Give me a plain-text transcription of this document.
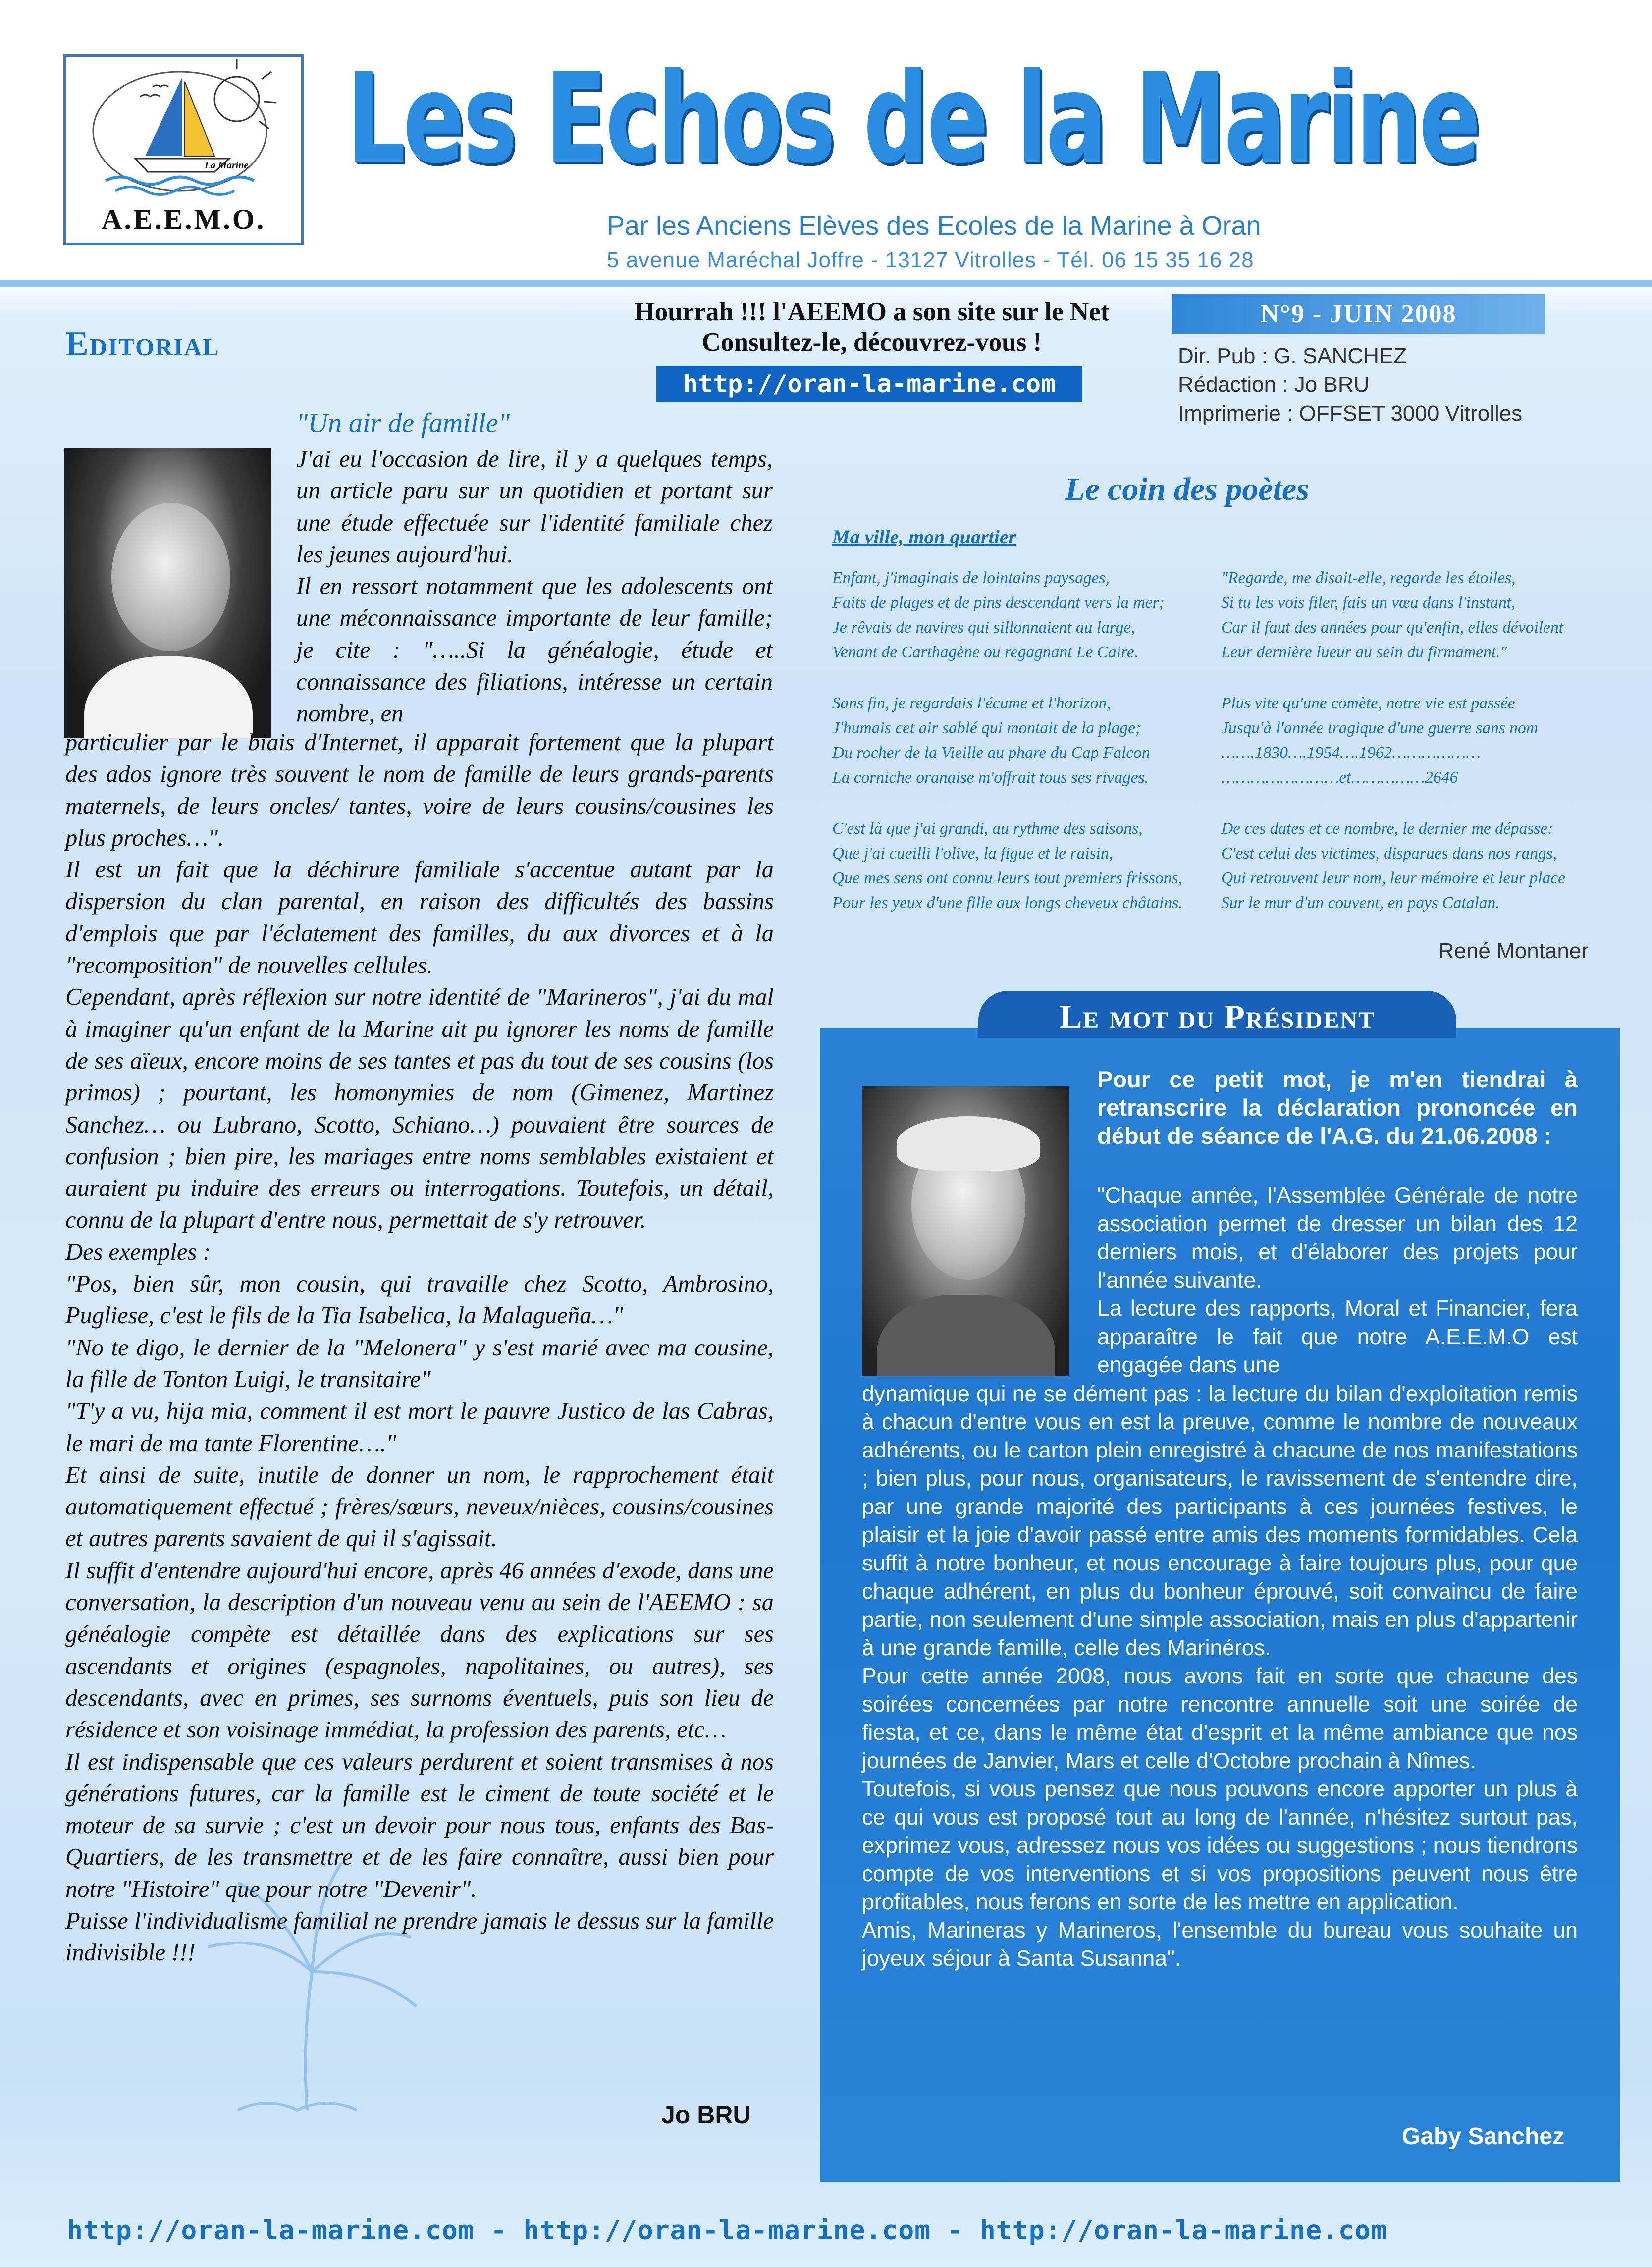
La Marine
A.E.E.M.O.
Les Echos de la Marine
Par les Anciens Elèves des Ecoles de la Marine à Oran
5 avenue Maréchal Joffre - 13127 Vitrolles - Tél. 06 15 35 16 28
Editorial
Hourrah !!! l'AEEMO a son site sur le Net
Consultez-le, découvrez-vous !
http://oran-la-marine.com
N°9 - JUIN 2008
Dir. Pub : G. SANCHEZ
Rédaction : Jo BRU
Imprimerie : OFFSET 3000 Vitrolles
"Un air de famille"

J'ai eu l'occasion de lire, il y a quelques temps, un article paru sur un quotidien et portant sur une étude effectuée sur l'identité familiale chez les jeunes aujourd'hui.

Il en ressort notamment que les adolescents ont une méconnaissance importante de leur famille; je cite : "…..Si la généalogie, étude et connaissance des filiations, intéresse un certain nombre, en

particulier par le biais d'Internet, il apparait fortement que la plupart des ados ignore très souvent le nom de famille de leurs grands-parents maternels, de leurs oncles/ tantes, voire de leurs cousins/cousines les plus proches…".

Il est un fait que la déchirure familiale s'accentue autant par la dispersion du clan parental, en raison des difficultés des bassins d'emplois que par l'éclatement des familles, du aux divorces et à la "recomposition" de nouvelles cellules.

Cependant, après réflexion sur notre identité de "Marineros", j'ai du mal à imaginer qu'un enfant de la Marine ait pu ignorer les noms de famille de ses aïeux, encore moins de ses tantes et pas du tout de ses cousins (los primos) ; pourtant, les homonymies de nom (Gimenez, Martinez Sanchez… ou Lubrano, Scotto, Schiano…) pouvaient être sources de confusion ; bien pire, les mariages entre noms semblables existaient et auraient pu induire des erreurs ou interrogations. Toutefois, un détail, connu de la plupart d'entre nous, permettait de s'y retrouver.

Des exemples :

"Pos, bien sûr, mon cousin, qui travaille chez Scotto, Ambrosino, Pugliese, c'est le fils de la Tia Isabelica, la Malagueña…"

"No te digo, le dernier de la "Melonera" y s'est marié avec ma cousine, la fille de Tonton Luigi, le transitaire"

"T'y a vu, hija mia, comment il est mort le pauvre Justico de las Cabras, le mari de ma tante Florentine…."

Et ainsi de suite, inutile de donner un nom, le rapprochement était automatiquement effectué ; frères/sœurs, neveux/nièces, cousins/cousines et autres parents savaient de qui il s'agissait.

Il suffit d'entendre aujourd'hui encore, après 46 années d'exode, dans une conversation, la description d'un nouveau venu au sein de l'AEEMO : sa généalogie compète est détaillée dans des explications sur ses ascendants et origines (espagnoles, napolitaines, ou autres), ses descendants, avec en primes, ses surnoms éventuels, puis son lieu de résidence et son voisinage immédiat, la profession des parents, etc…

Il est indispensable que ces valeurs perdurent et soient transmises à nos générations futures, car la famille est le ciment de toute société et le moteur de sa survie ; c'est un devoir pour nous tous, enfants des Bas-Quartiers, de les transmettre et de les faire connaître, aussi bien pour notre "Histoire" que pour notre "Devenir".

Puisse l'individualisme familial ne prendre jamais le dessus sur la famille indivisible !!!

Jo BRU
Le coin des poètes
Ma ville, mon quartier
Enfant, j'imaginais de lointains paysages,
Faits de plages et de pins descendant vers la mer;
Je rêvais de navires qui sillonnaient au large,
Venant de Carthagène ou regagnant Le Caire.
Sans fin, je regardais l'écume et l'horizon,
J'humais cet air sablé qui montait de la plage;
Du rocher de la Vieille au phare du Cap Falcon
La corniche oranaise m'offrait tous ses rivages.
C'est là que j'ai grandi, au rythme des saisons,
Que j'ai cueilli l'olive, la figue et le raisin,
Que mes sens ont connu leurs tout premiers frissons,
Pour les yeux d'une fille aux longs cheveux châtains.
"Regarde, me disait-elle, regarde les étoiles,
Si tu les vois filer, fais un vœu dans l'instant,
Car il faut des années pour qu'enfin, elles dévoilent
Leur dernière lueur au sein du firmament."
Plus vite qu'une comète, notre vie est passée
Jusqu'à l'année tragique d'une guerre sans nom
…….1830….1954….1962………………
……………………et……………2646
De ces dates et ce nombre, le dernier me dépasse:
C'est celui des victimes, disparues dans nos rangs,
Qui retrouvent leur nom, leur mémoire et leur place
Sur le mur d'un couvent, en pays Catalan.
René Montaner
Le mot du Président
Pour ce petit mot, je m'en tiendrai à retranscrire la déclaration prononcée en début de séance de l'A.G. du 21.06.2008 :

"Chaque année, l'Assemblée Générale de notre association permet de dresser un bilan des 12 derniers mois, et d'élaborer des projets pour l'année suivante.

La lecture des rapports, Moral et Financier, fera apparaître le fait que notre A.E.E.M.O est engagée dans une

dynamique qui ne se dément pas : la lecture du bilan d'exploitation remis à chacun d'entre vous en est la preuve, comme le nombre de nouveaux adhérents, ou le carton plein enregistré à chacune de nos manifestations ; bien plus, pour nous, organisateurs, le ravissement de s'entendre dire, par une grande majorité des participants à ces journées festives, le plaisir et la joie d'avoir passé entre amis des moments formidables. Cela suffit à notre bonheur, et nous encourage à faire toujours plus, pour que chaque adhérent, en plus du bonheur éprouvé, soit convaincu de faire partie, non seulement d'une simple association, mais en plus d'appartenir à une grande famille, celle des Marinéros.

Pour cette année 2008, nous avons fait en sorte que chacune des soirées concernées par notre rencontre annuelle soit une soirée de fiesta, et ce, dans le même état d'esprit et la même ambiance que nos journées de Janvier, Mars et celle d'Octobre prochain à Nîmes.

Toutefois, si vous pensez que nous pouvons encore apporter un plus à ce qui vous est proposé tout au long de l'année, n'hésitez surtout pas, exprimez vous, adressez nous vos idées ou suggestions ; nous tiendrons compte de vos interventions et si vos propositions peuvent nous être profitables, nous ferons en sorte de les mettre en application.

Amis, Marineras y Marineros, l'ensemble du bureau vous souhaite un joyeux séjour à Santa Susanna".

Gaby Sanchez
http://oran-la-marine.com - http://oran-la-marine.com - http://oran-la-marine.com
